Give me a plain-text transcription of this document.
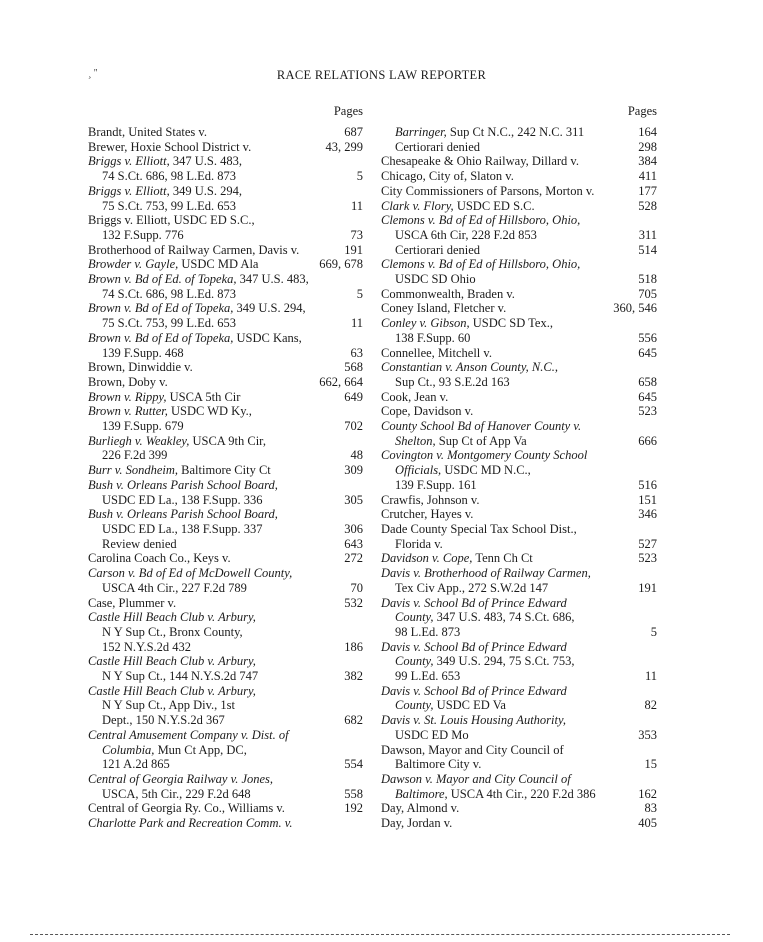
¸ ''	RACE RELATIONS LAW REPORTER
Pages
Brandt, United States v.	687
Brewer, Hoxie School District v.	43, 299
Briggs v. Elliott, 347 U.S. 483,
74 S.Ct. 686, 98 L.Ed. 873	5
Briggs v. Elliott, 349 U.S. 294,
75 S.Ct. 753, 99 L.Ed. 653	11
Briggs v. Elliott, USDC ED S.C.,
132 F.Supp. 776	73
Brotherhood of Railway Carmen, Davis v.	191
Browder v. Gayle, USDC MD Ala	669, 678
Brown v. Bd of Ed. of Topeka, 347 U.S. 483,
74 S.Ct. 686, 98 L.Ed. 873	5
Brown v. Bd of Ed of Topeka, 349 U.S. 294,
75 S.Ct. 753, 99 L.Ed. 653	11
Brown v. Bd of Ed of Topeka, USDC Kans,
139 F.Supp. 468	63
Brown, Dinwiddie v.	568
Brown, Doby v.	662, 664
Brown v. Rippy, USCA 5th Cir	649
Brown v. Rutter, USDC WD Ky.,
139 F.Supp. 679	702
Burliegh v. Weakley, USCA 9th Cir,
226 F.2d 399	48
Burr v. Sondheim, Baltimore City Ct	309
Bush v. Orleans Parish School Board,
USDC ED La., 138 F.Supp. 336	305
Bush v. Orleans Parish School Board,
USDC ED La., 138 F.Supp. 337	306
Review denied	643
Carolina Coach Co., Keys v.	272
Carson v. Bd of Ed of McDowell County,
USCA 4th Cir., 227 F.2d 789	70
Case, Plummer v.	532
Castle Hill Beach Club v. Arbury,
N Y Sup Ct., Bronx County,
152 N.Y.S.2d 432	186
Castle Hill Beach Club v. Arbury,
N Y Sup Ct., 144 N.Y.S.2d 747	382
Castle Hill Beach Club v. Arbury,
N Y Sup Ct., App Div., 1st
Dept., 150 N.Y.S.2d 367	682
Central Amusement Company v. Dist. of
Columbia, Mun Ct App, DC,
121 A.2d 865	554
Central of Georgia Railway v. Jones,
USCA, 5th Cir., 229 F.2d 648	558
Central of Georgia Ry. Co., Williams v.	192
Charlotte Park and Recreation Comm. v.
Pages
Barringer, Sup Ct N.C., 242 N.C. 311	164
Certiorari denied	298
Chesapeake & Ohio Railway, Dillard v.	384
Chicago, City of, Slaton v.	411
City Commissioners of Parsons, Morton v.	177
Clark v. Flory, USDC ED S.C.	528
Clemons v. Bd of Ed of Hillsboro, Ohio,
USCA 6th Cir, 228 F.2d 853	311
Certiorari denied	514
Clemons v. Bd of Ed of Hillsboro, Ohio,
USDC SD Ohio	518
Commonwealth, Braden v.	705
Coney Island, Fletcher v.	360, 546
Conley v. Gibson, USDC SD Tex.,
138 F.Supp. 60	556
Connellee, Mitchell v.	645
Constantian v. Anson County, N.C.,
Sup Ct., 93 S.E.2d 163	658
Cook, Jean v.	645
Cope, Davidson v.	523
County School Bd of Hanover County v.
Shelton, Sup Ct of App Va	666
Covington v. Montgomery County School
Officials, USDC MD N.C.,
139 F.Supp. 161	516
Crawfis, Johnson v.	151
Crutcher, Hayes v.	346
Dade County Special Tax School Dist.,
Florida v.	527
Davidson v. Cope, Tenn Ch Ct	523
Davis v. Brotherhood of Railway Carmen,
Tex Civ App., 272 S.W.2d 147	191
Davis v. School Bd of Prince Edward
County, 347 U.S. 483, 74 S.Ct. 686,
98 L.Ed. 873	5
Davis v. School Bd of Prince Edward
County, 349 U.S. 294, 75 S.Ct. 753,
99 L.Ed. 653	11
Davis v. School Bd of Prince Edward
County, USDC ED Va	82
Davis v. St. Louis Housing Authority,
USDC ED Mo	353
Dawson, Mayor and City Council of
Baltimore City v.	15
Dawson v. Mayor and City Council of
Baltimore, USCA 4th Cir., 220 F.2d 386	162
Day, Almond v.	83
Day, Jordan v.	405
